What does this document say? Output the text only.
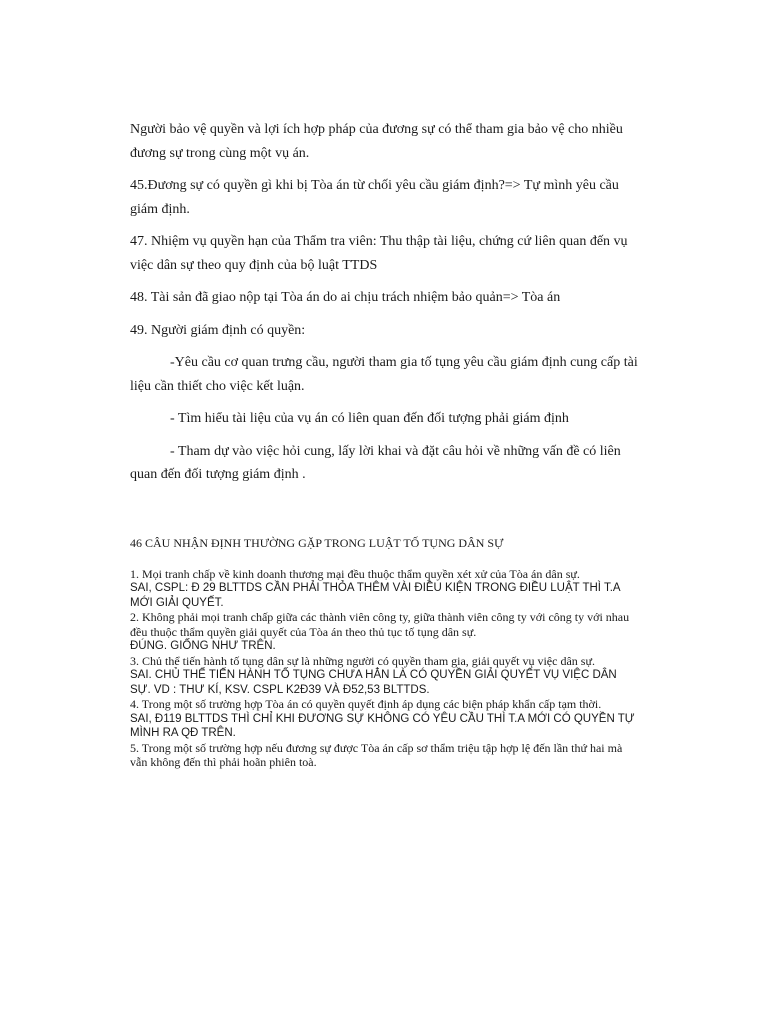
Người bảo vệ quyền và lợi ích hợp pháp của đương sự có thể tham gia bảo vệ cho nhiều đương sự trong cùng một vụ án.

45.Đương sự có quyền gì khi bị Tòa án từ chối yêu cầu giám định?=> Tự mình yêu cầu giám định.

47. Nhiệm vụ quyền hạn của Thẩm tra viên: Thu thập tài liệu, chứng cứ liên quan đến vụ việc dân sự theo quy định của bộ luật TTDS

48. Tài sản đã giao nộp tại Tòa án do ai chịu trách nhiệm bảo quản=> Tòa án

49. Người giám định có quyền:

-Yêu cầu cơ quan trưng cầu, người tham gia tố tụng yêu cầu giám định cung cấp tài liệu cần thiết cho việc kết luận.

- Tìm hiểu tài liệu của vụ án có liên quan đến đối tượng phải giám định

- Tham dự vào việc hỏi cung, lấy lời khai và đặt câu hỏi về những vấn đề có liên quan đến đối tượng giám định .

46 CÂU NHẬN ĐỊNH THƯỜNG GẶP TRONG LUẬT TỐ TỤNG DÂN SỰ

1. Mọi tranh chấp về kinh doanh thương mại đều thuộc thẩm quyền xét xử của Tòa án dân sự.

SAI, CSPL: Đ 29 BLTTDS CẦN PHẢI THỎA THÊM VÀI ĐIỀU KIỆN TRONG ĐIỀU LUẬT THÌ T.A MỚI GIẢI QUYẾT.

2. Không phải mọi tranh chấp giữa các thành viên công ty, giữa thành viên công ty với công ty với nhau đều thuộc thẩm quyền giải quyết của Tòa án theo thủ tục tố tụng dân sự.

ĐÚNG. GIỐNG NHƯ TRÊN.

3. Chủ thể tiến hành tố tụng dân sự là những người có quyền tham gia, giải quyết vụ việc dân sự.

SAI. CHỦ THỂ TIẾN HÀNH TỐ TỤNG CHƯA HẲN LÀ CÓ QUYỀN GIẢI QUYẾT VỤ VIỆC DÂN SỰ. VD : THƯ KÍ, KSV. CSPL K2Đ39 VÀ Đ52,53 BLTTDS.

4. Trong một số trường hợp Tòa án có quyền quyết định áp dụng các biện pháp khẩn cấp tạm thời.

SAI, Đ119 BLTTDS THÌ CHỈ KHI ĐƯƠNG SỰ KHÔNG CÓ YÊU CẦU THÌ T.A MỚI CÓ QUYỀN TỰ MÌNH RA QĐ TRÊN.

5. Trong một số trường hợp nếu đương sự được Tòa án cấp sơ thẩm triệu tập hợp lệ đến lần thứ hai mà vẫn không đến thì phải hoãn phiên toà.
